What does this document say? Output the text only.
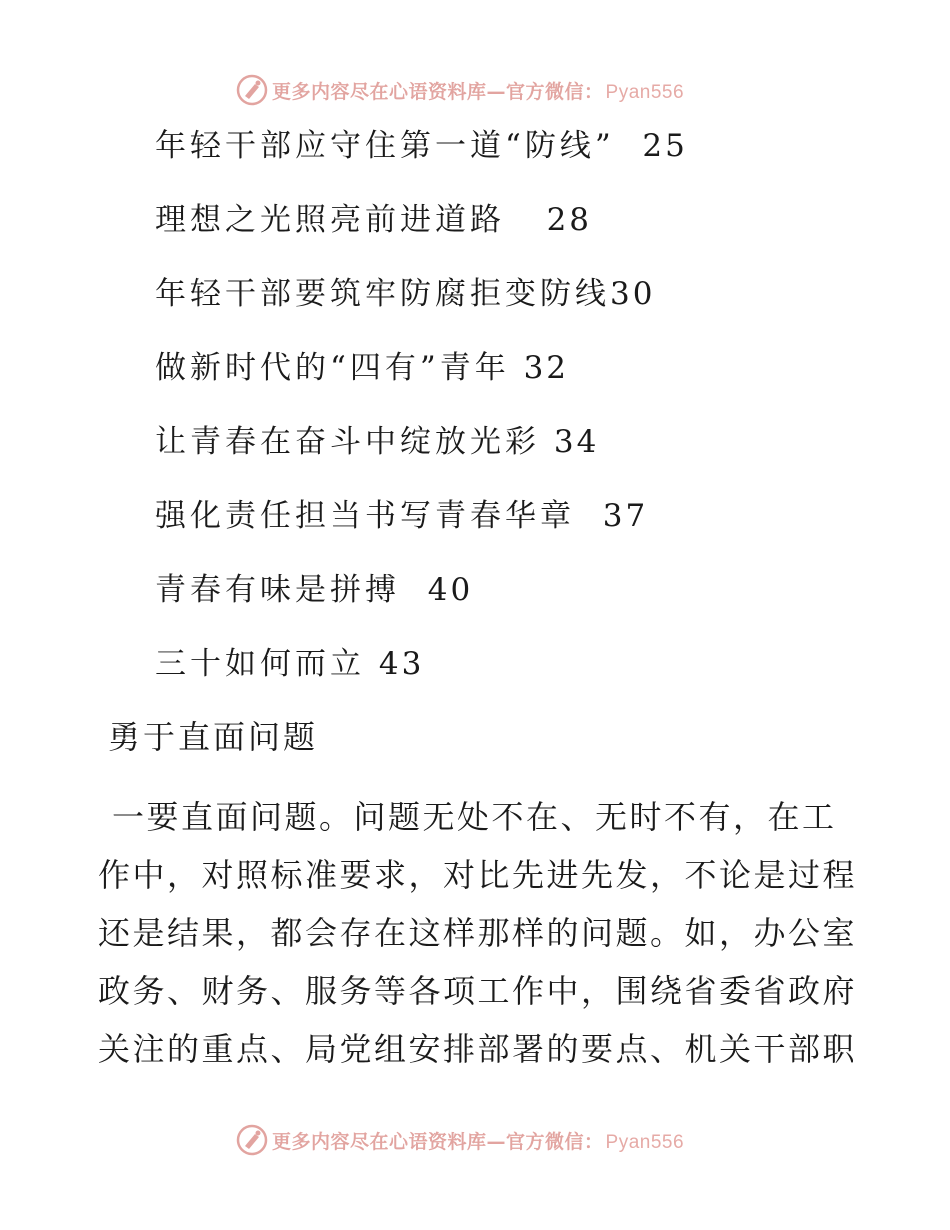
更多内容尽在心语资料库—官方微信： Pyan556
年轻干部应守住第一道“防线” 25
理想之光照亮前进道路 28
年轻干部要筑牢防腐拒变防线30
做新时代的“四有”青年 32
让青春在奋斗中绽放光彩 34
强化责任担当书写青春华章 37
青春有味是拼搏 40
三十如何而立 43
勇于直面问题

一要直面问题。问题无处不在、无时不有，在工作中，对照标准要求，对比先进先发，不论是过程还是结果，都会存在这样那样的问题。如，办公室政务、财务、服务等各项工作中，围绕省委省政府关注的重点、局党组安排部署的要点、机关干部职

更多内容尽在心语资料库—官方微信： Pyan556
